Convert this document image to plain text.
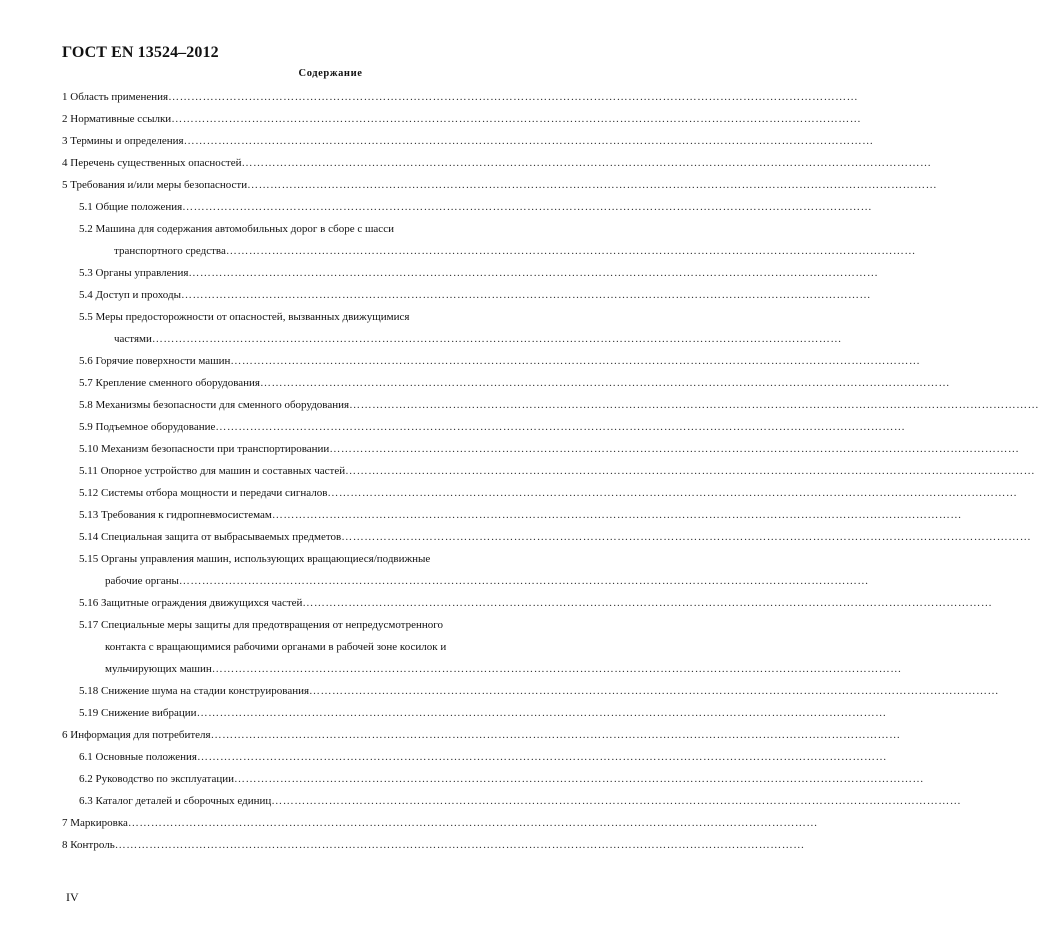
ГОСТ EN 13524–2012
Содержание
1 Область применения………………………………………………………………………………………………………………………………………………………………
2 Нормативные ссылки………………………………………………………………………………………………………………………………………………………………
3 Термины и определения………………………………………………………………………………………………………………………………………………………………
4 Перечень существенных опасностей………………………………………………………………………………………………………………………………………………………………
5 Требования и/или меры безопасности………………………………………………………………………………………………………………………………………………………………
5.1 Общие положения………………………………………………………………………………………………………………………………………………………………
5.2 Машина для содержания автомобильных дорог в сборе с шасси
транспортного средства………………………………………………………………………………………………………………………………………………………………
5.3 Органы управления………………………………………………………………………………………………………………………………………………………………
5.4 Доступ и проходы………………………………………………………………………………………………………………………………………………………………
5.5 Меры предосторожности от опасностей, вызванных движущимися
частями………………………………………………………………………………………………………………………………………………………………
5.6 Горячие поверхности машин………………………………………………………………………………………………………………………………………………………………
5.7 Крепление сменного оборудования………………………………………………………………………………………………………………………………………………………………
5.8 Механизмы безопасности для сменного оборудования………………………………………………………………………………………………………………………………………………………………
5.9 Подъемное оборудование………………………………………………………………………………………………………………………………………………………………
5.10 Механизм безопасности при транспортировании………………………………………………………………………………………………………………………………………………………………
5.11 Опорное устройство для машин и составных частей………………………………………………………………………………………………………………………………………………………………
5.12 Системы отбора мощности и передачи сигналов………………………………………………………………………………………………………………………………………………………………
5.13 Требования к гидропневмосистемам………………………………………………………………………………………………………………………………………………………………
5.14 Специальная защита от выбрасываемых предметов………………………………………………………………………………………………………………………………………………………………
5.15 Органы управления машин, использующих вращающиеся/подвижные
рабочие органы………………………………………………………………………………………………………………………………………………………………
5.16 Защитные ограждения движущихся частей………………………………………………………………………………………………………………………………………………………………
5.17 Специальные меры защиты для предотвращения от непредусмотренного
контакта с вращающимися рабочими органами в рабочей зоне косилок и
мульчирующих машин………………………………………………………………………………………………………………………………………………………………
5.18 Снижение шума на стадии конструирования………………………………………………………………………………………………………………………………………………………………
5.19 Снижение вибрации………………………………………………………………………………………………………………………………………………………………
6 Информация для потребителя………………………………………………………………………………………………………………………………………………………………
6.1 Основные положения………………………………………………………………………………………………………………………………………………………………
6.2 Руководство по эксплуатации………………………………………………………………………………………………………………………………………………………………
6.3 Каталог деталей и сборочных единиц………………………………………………………………………………………………………………………………………………………………
7 Маркировка………………………………………………………………………………………………………………………………………………………………
8 Контроль………………………………………………………………………………………………………………………………………………………………
IV
